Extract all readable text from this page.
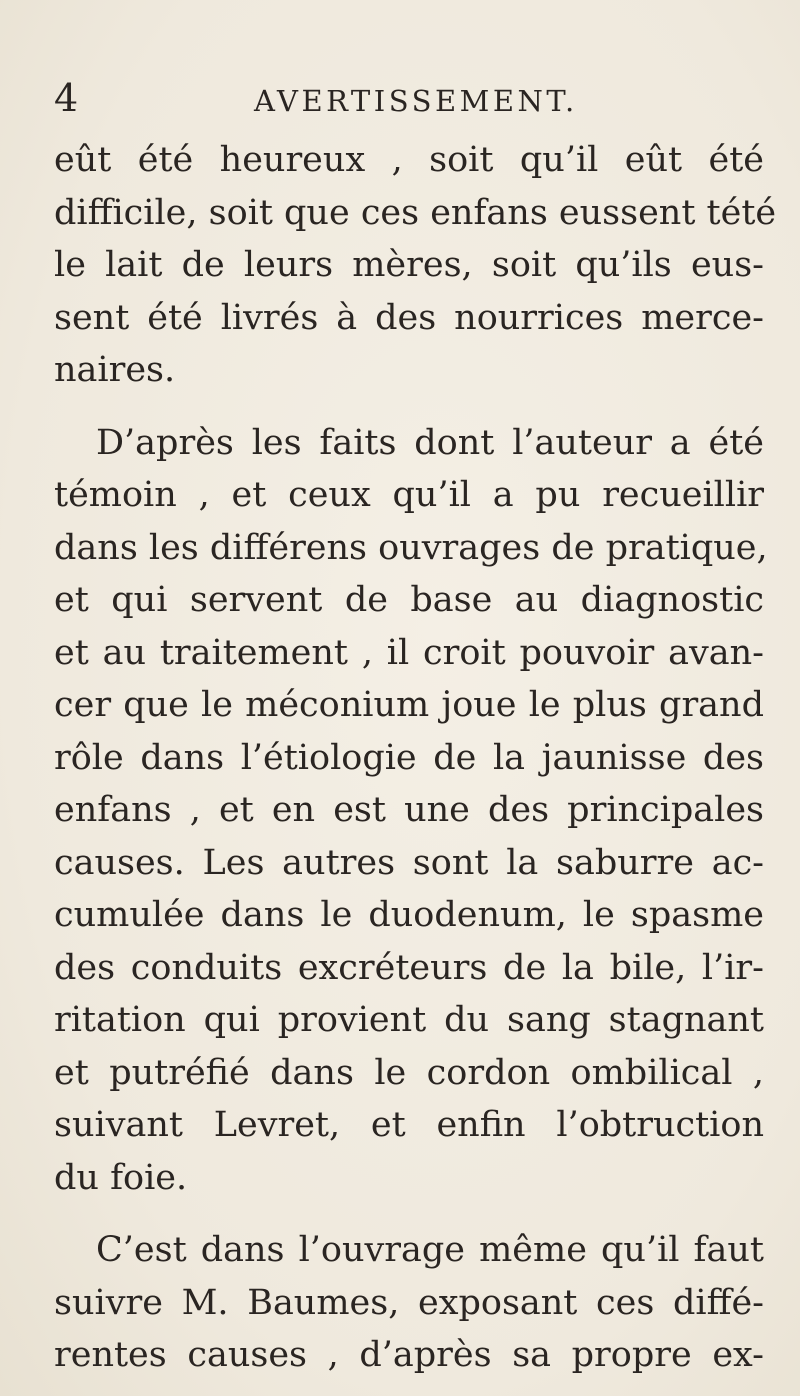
4	AVERTISSEMENT.
eût été heureux , soit qu’il eût été
difficile, soit que ces enfans eussent tété
le lait de leurs mères, soit qu’ils eus-
sent été livrés à des nourrices merce-
naires.
D’après les faits dont l’auteur a été
témoin , et ceux qu’il a pu recueillir
dans les différens ouvrages de pratique,
et qui servent de base au diagnostic
et au traitement , il croit pouvoir avan-
cer que le méconium joue le plus grand
rôle dans l’étiologie de la jaunisse des
enfans , et en est une des principales
causes. Les autres sont la saburre ac-
cumulée dans le duodenum, le spasme
des conduits excréteurs de la bile, l’ir-
ritation qui provient du sang stagnant
et putréfié dans le cordon ombilical ,
suivant Levret, et enfin l’obtruction
du foie.
C’est dans l’ouvrage même qu’il faut
suivre M. Baumes, exposant ces diffé-
rentes causes , d’après sa propre ex-
